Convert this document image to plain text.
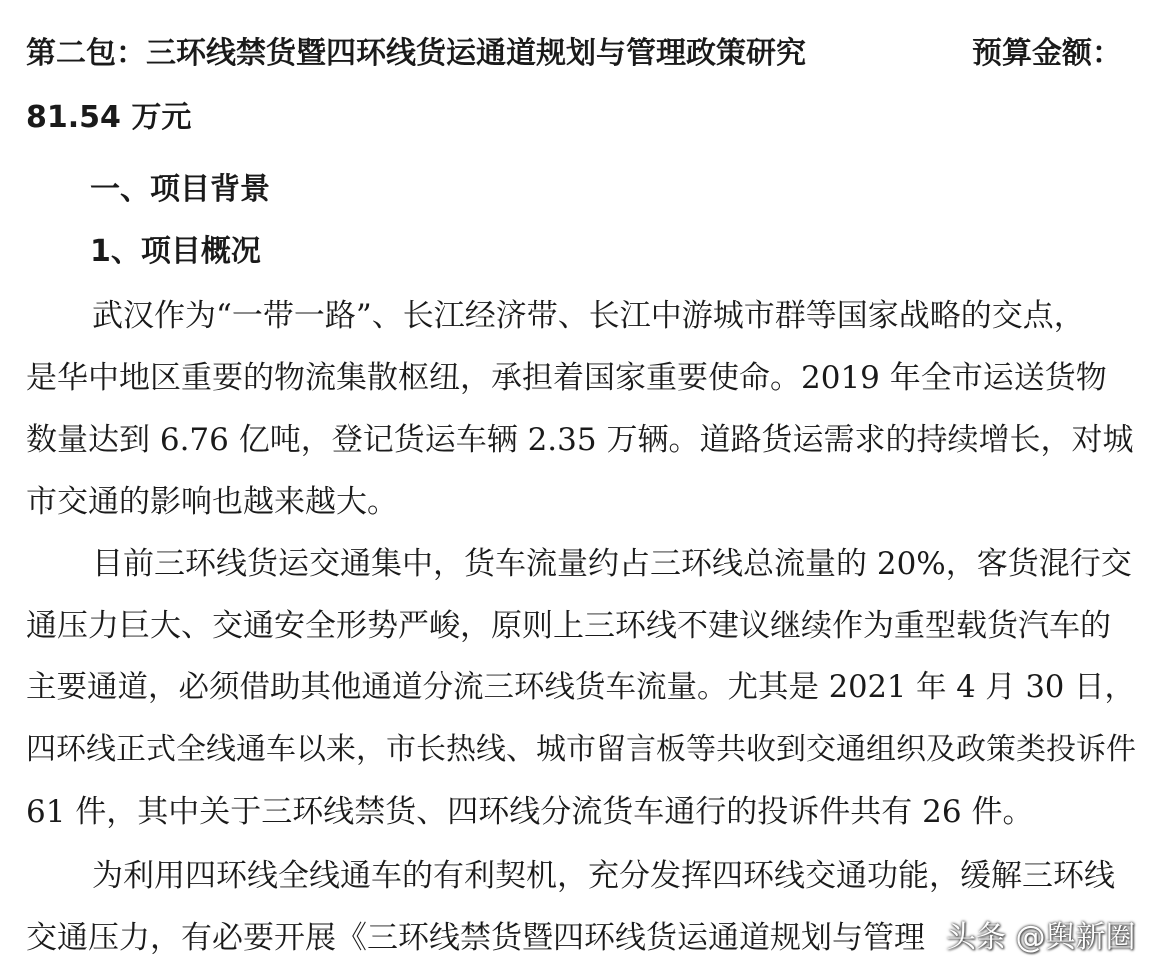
第二包：三环线禁货暨四环线货运通道规划与管理政策研究	预算金额：
81.54 万元
一、项目背景
1、项目概况
武汉作为“一带一路”、长江经济带、长江中游城市群等国家战略的交点，
是华中地区重要的物流集散枢纽，承担着国家重要使命。2019 年全市运送货物
数量达到 6.76 亿吨，登记货运车辆 2.35 万辆。道路货运需求的持续增长，对城
市交通的影响也越来越大。
目前三环线货运交通集中，货车流量约占三环线总流量的 20%，客货混行交
通压力巨大、交通安全形势严峻，原则上三环线不建议继续作为重型载货汽车的
主要通道，必须借助其他通道分流三环线货车流量。尤其是 2021 年 4 月 30 日，
四环线正式全线通车以来，市长热线、城市留言板等共收到交通组织及政策类投诉件
61 件，其中关于三环线禁货、四环线分流货车通行的投诉件共有 26 件。
为利用四环线全线通车的有利契机，充分发挥四环线交通功能，缓解三环线
交通压力，有必要开展《三环线禁货暨四环线货运通道规划与管理 头条 @舆新圈
